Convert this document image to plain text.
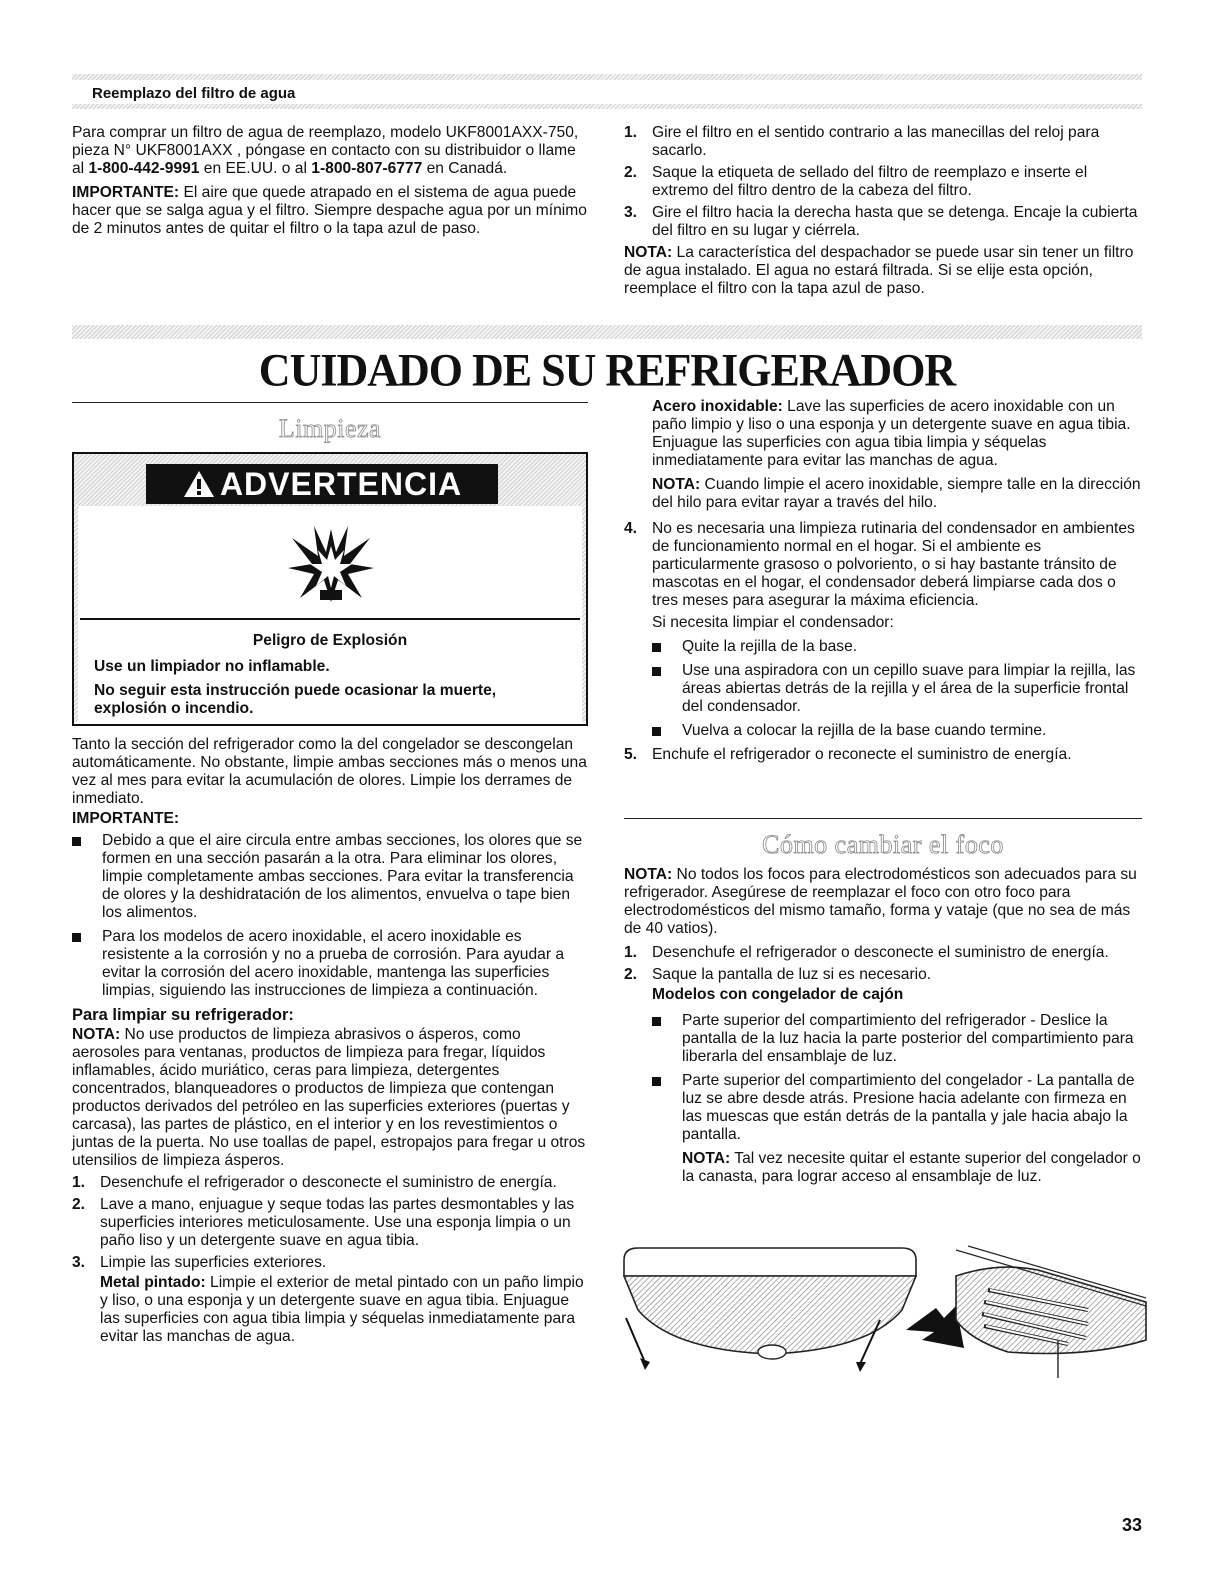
Reemplazo del filtro de agua

Para comprar un filtro de agua de reemplazo, modelo UKF8001AXX-750, pieza N° UKF8001AXX , póngase en contacto con su distribuidor o llame al 1-800-442-9991 en EE.UU. o al 1-800-807-6777 en Canadá.

IMPORTANTE: El aire que quede atrapado en el sistema de agua puede hacer que se salga agua y el filtro. Siempre despache agua por un mínimo de 2 minutos antes de quitar el filtro o la tapa azul de paso.

1. Gire el filtro en el sentido contrario a las manecillas del reloj para sacarlo.
2. Saque la etiqueta de sellado del filtro de reemplazo e inserte el extremo del filtro dentro de la cabeza del filtro.
3. Gire el filtro hacia la derecha hasta que se detenga. Encaje la cubierta del filtro en su lugar y ciérrela.

NOTA: La característica del despachador se puede usar sin tener un filtro de agua instalado. El agua no estará filtrada. Si se elije esta opción, reemplace el filtro con la tapa azul de paso.

CUIDADO DE SU REFRIGERADOR
Limpieza
ADVERTENCIA
Peligro de Explosión
Use un limpiador no inflamable.
No seguir esta instrucción puede ocasionar la muerte, explosión o incendio.

Tanto la sección del refrigerador como la del congelador se descongelan automáticamente. No obstante, limpie ambas secciones más o menos una vez al mes para evitar la acumulación de olores. Limpie los derrames de inmediato.

IMPORTANTE:

Debido a que el aire circula entre ambas secciones, los olores que se formen en una sección pasarán a la otra. Para eliminar los olores, limpie completamente ambas secciones. Para evitar la transferencia de olores y la deshidratación de los alimentos, envuelva o tape bien los alimentos.
Para los modelos de acero inoxidable, el acero inoxidable es resistente a la corrosión y no a prueba de corrosión. Para ayudar a evitar la corrosión del acero inoxidable, mantenga las superficies limpias, siguiendo las instrucciones de limpieza a continuación.

Para limpiar su refrigerador:

NOTA: No use productos de limpieza abrasivos o ásperos, como aerosoles para ventanas, productos de limpieza para fregar, líquidos inflamables, ácido muriático, ceras para limpieza, detergentes concentrados, blanqueadores o productos de limpieza que contengan productos derivados del petróleo en las superficies exteriores (puertas y carcasa), las partes de plástico, en el interior y en los revestimientos o juntas de la puerta. No use toallas de papel, estropajos para fregar u otros utensilios de limpieza ásperos.

1. Desenchufe el refrigerador o desconecte el suministro de energía.
2. Lave a mano, enjuague y seque todas las partes desmontables y las superficies interiores meticulosamente. Use una esponja limpia o un paño liso y un detergente suave en agua tibia.
3. Limpie las superficies exteriores.

Metal pintado: Limpie el exterior de metal pintado con un paño limpio y liso, o una esponja y un detergente suave en agua tibia. Enjuague las superficies con agua tibia limpia y séquelas inmediatamente para evitar las manchas de agua.

Acero inoxidable: Lave las superficies de acero inoxidable con un paño limpio y liso o una esponja y un detergente suave en agua tibia. Enjuague las superficies con agua tibia limpia y séquelas inmediatamente para evitar las manchas de agua.

NOTA: Cuando limpie el acero inoxidable, siempre talle en la dirección del hilo para evitar rayar a través del hilo.

4. No es necesaria una limpieza rutinaria del condensador en ambientes de funcionamiento normal en el hogar. Si el ambiente es particularmente grasoso o polvoriento, o si hay bastante tránsito de mascotas en el hogar, el condensador deberá limpiarse cada dos o tres meses para asegurar la máxima eficiencia.

Si necesita limpiar el condensador:

Quite la rejilla de la base.
Use una aspiradora con un cepillo suave para limpiar la rejilla, las áreas abiertas detrás de la rejilla y el área de la superficie frontal del condensador.
Vuelva a colocar la rejilla de la base cuando termine.
5. Enchufe el refrigerador o reconecte el suministro de energía.
Cómo cambiar el foco

NOTA: No todos los focos para electrodomésticos son adecuados para su refrigerador. Asegúrese de reemplazar el foco con otro foco para electrodomésticos del mismo tamaño, forma y vataje (que no sea de más de 40 vatios).

1. Desenchufe el refrigerador o desconecte el suministro de energía.
2. Saque la pantalla de luz si es necesario.

Modelos con congelador de cajón

Parte superior del compartimiento del refrigerador - Deslice la pantalla de la luz hacia la parte posterior del compartimiento para liberarla del ensamblaje de luz.
Parte superior del compartimiento del congelador - La pantalla de luz se abre desde atrás. Presione hacia adelante con firmeza en las muescas que están detrás de la pantalla y jale hacia abajo la pantalla.

NOTA: Tal vez necesite quitar el estante superior del congelador o la canasta, para lograr acceso al ensamblaje de luz.

33
